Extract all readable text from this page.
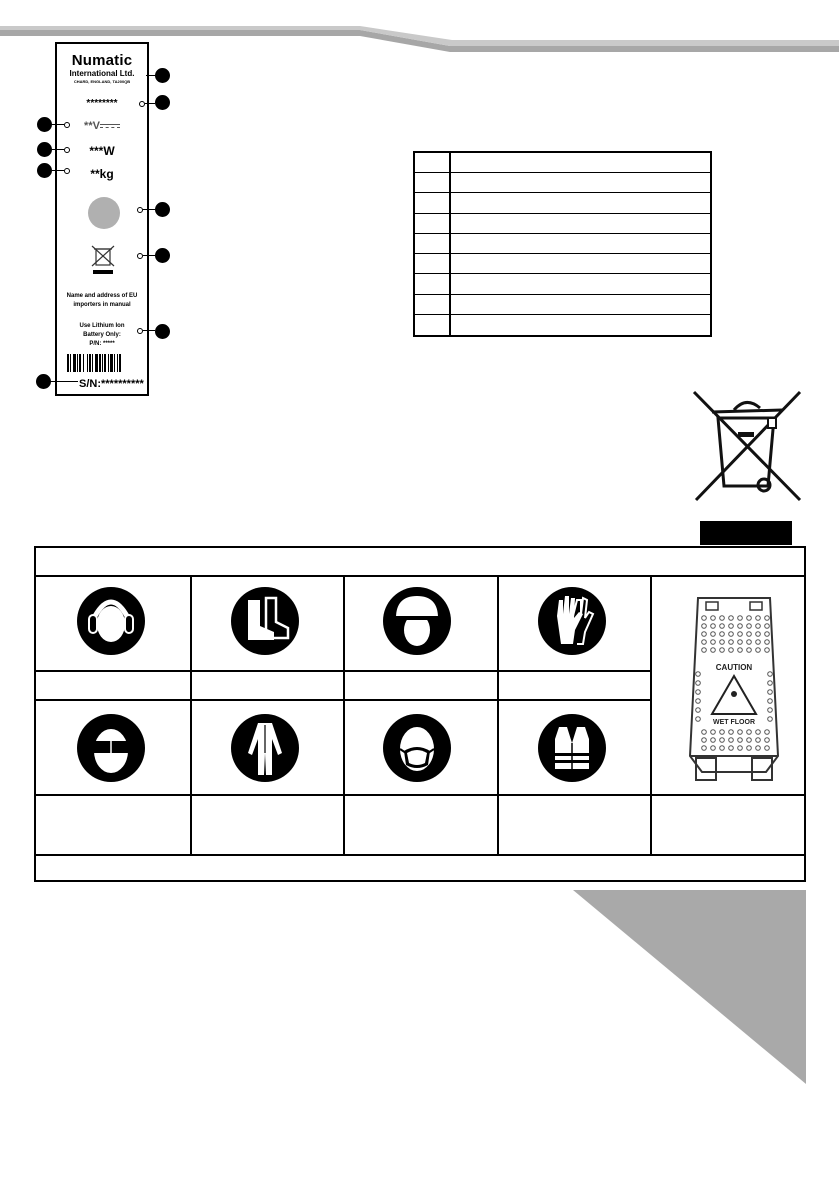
Numatic
International Ltd.
CHARD, ENGLAND, TA200QB
********
**V
***W
**kg
Name and address of EU importers in manual
Use Lithium Ion
Battery Only:
P/N: *****
S/N:**********
CAUTION
WET FLOOR
